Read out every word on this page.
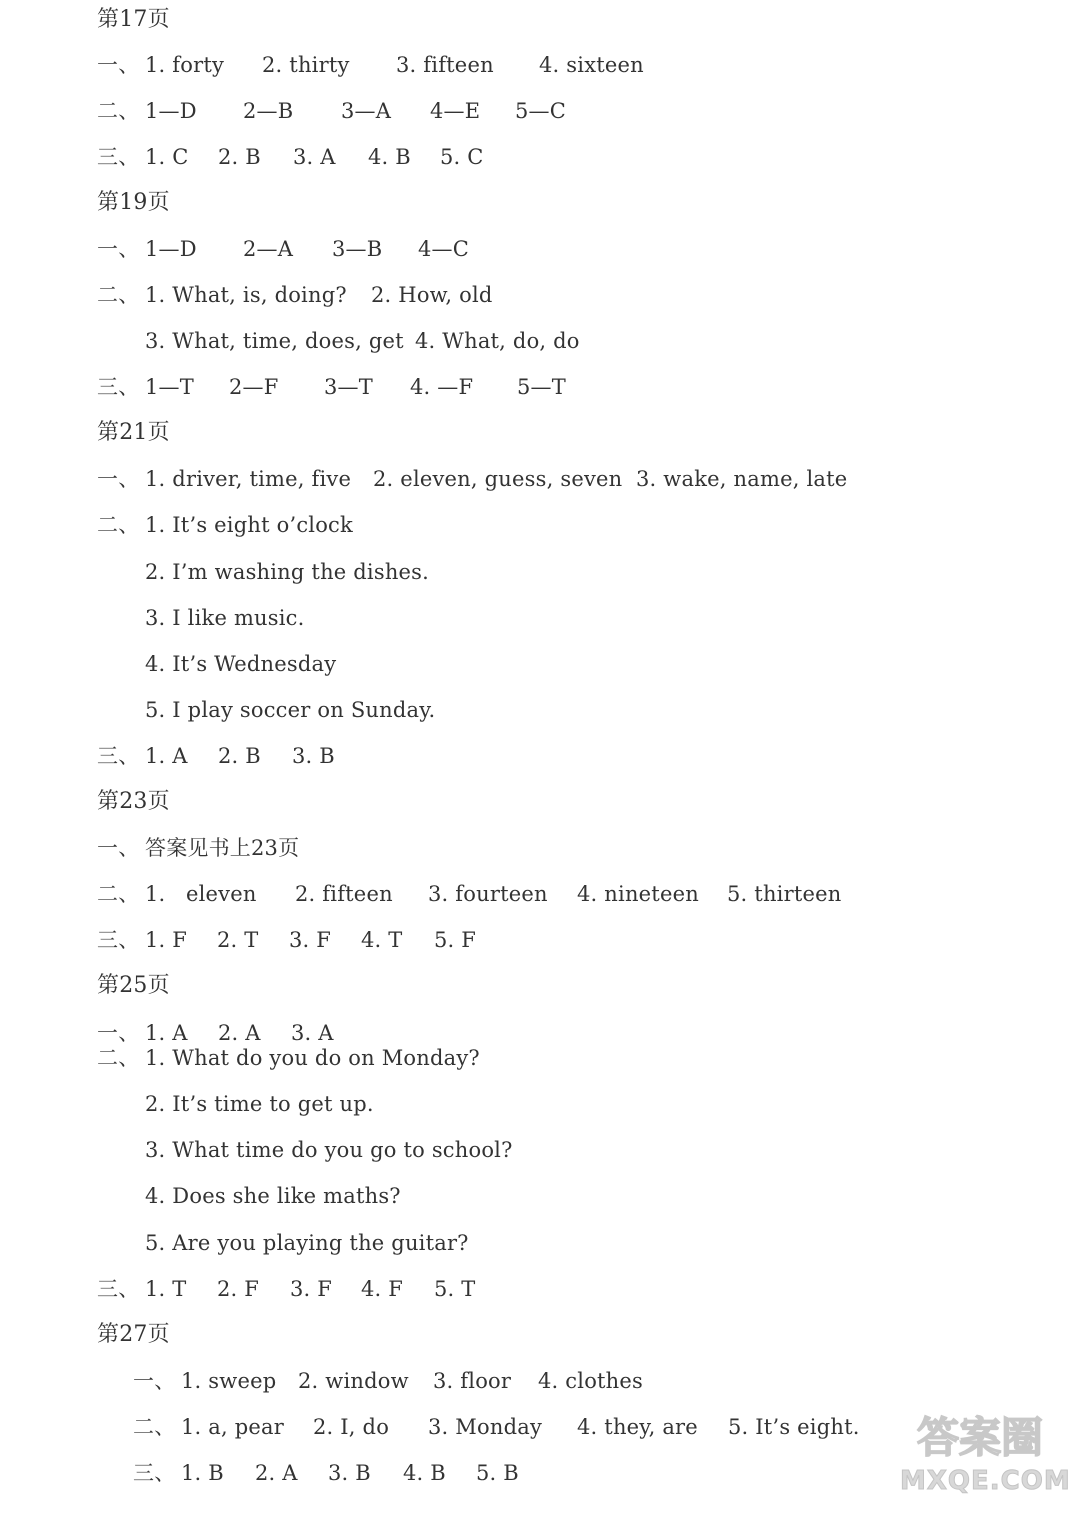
第17页
一、 1. forty 2. thirty 3. fifteen 4. sixteen
二、 1—D 2—B 3—A 4—E 5—C
三、 1. C 2. B 3. A 4. B 5. C
第19页
一、 1—D 2—A 3—B 4—C
二、 1. What, is, doing? 2. How, old
3. What, time, does, get 4. What, do, do
三、 1—T 2—F 3—T 4. —F 5—T
第21页
一、 1. driver, time, five 2. eleven, guess, seven 3. wake, name, late
二、 1. It’s eight o’clock
2. I’m washing the dishes.
3. I like music.
4. It’s Wednesday
5. I play soccer on Sunday.
三、 1. A 2. B 3. B
第23页
一、 答案见书上23页
二、 1. eleven 2. fifteen 3. fourteen 4. nineteen 5. thirteen
三、 1. F 2. T 3. F 4. T 5. F
第25页
一、 1. A 2. A 3. A
二、 1. What do you do on Monday?
2. It’s time to get up.
3. What time do you go to school?
4. Does she like maths?
5. Are you playing the guitar?
三、 1. T 2. F 3. F 4. F 5. T
第27页
一、 1. sweep 2. window 3. floor 4. clothes
二、 1. a, pear 2. I, do 3. Monday 4. they, are 5. It’s eight.
三、 1. B 2. A 3. B 4. B 5. B
答案圈
MXQE.COM
